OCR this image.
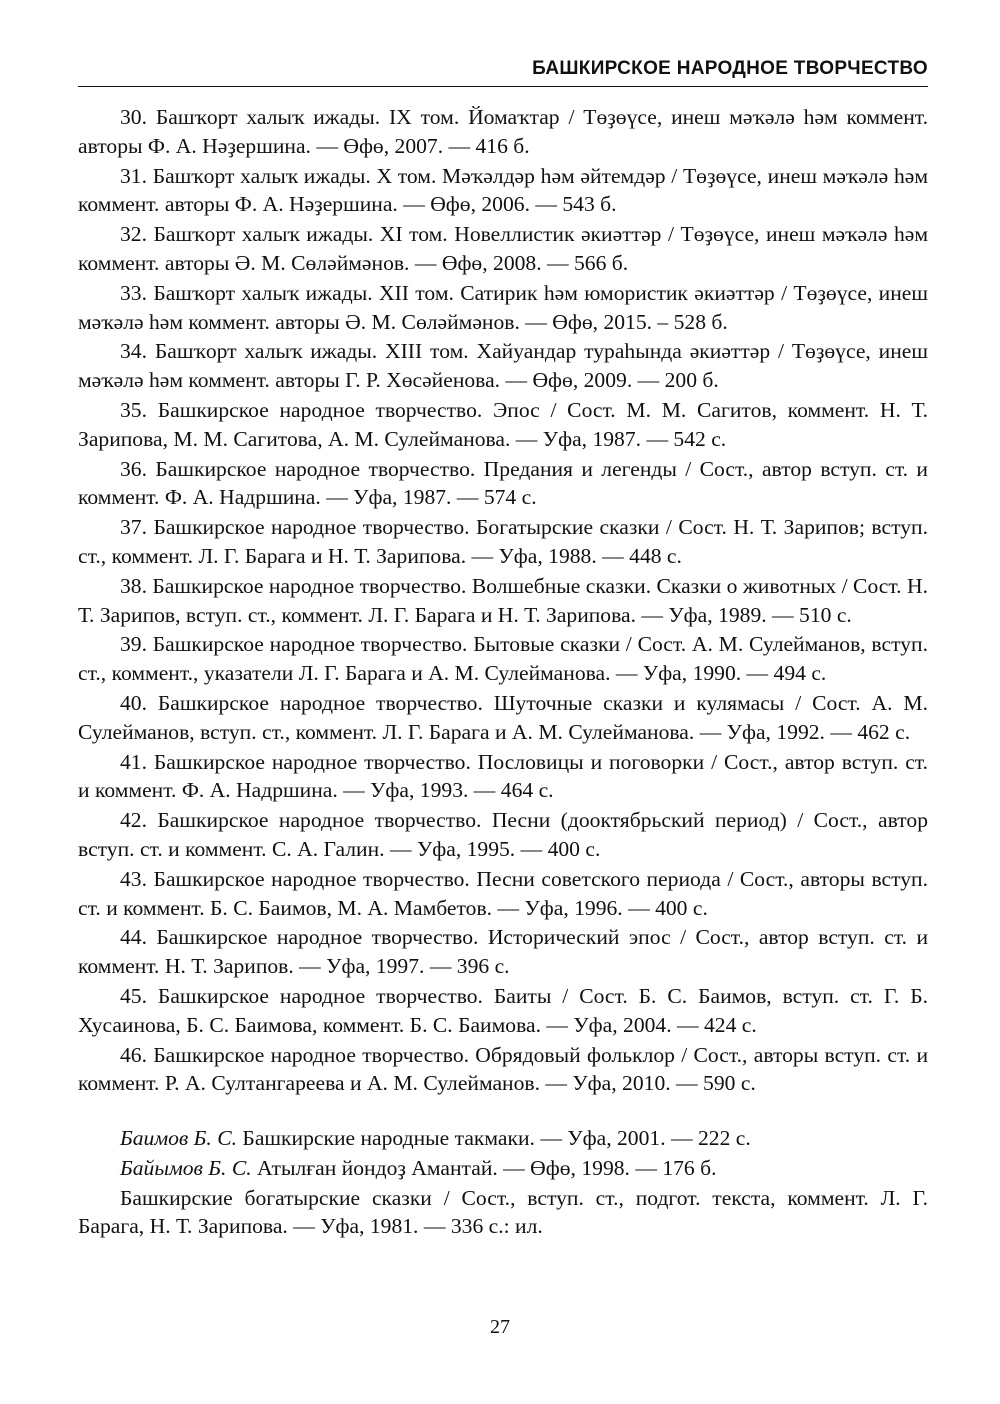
БАШКИРСКОЕ НАРОДНОЕ ТВОРЧЕСТВО

30. Башҡорт халыҡ ижады. IX том. Йомаҡтар / Төҙөүсе, инеш мәҡәлә һәм коммент. авторы Ф. А. Нәҙершина. — Өфө, 2007. — 416 б.

31. Башҡорт халыҡ ижады. X том. Мәҡәлдәр һәм әйтемдәр / Төҙөүсе, инеш мәҡәлә һәм коммент. авторы Ф. А. Нәҙершина. — Өфө, 2006. — 543 б.

32. Башҡорт халыҡ ижады. XI том. Новеллистик әкиәттәр / Төҙөүсе, инеш мәҡәлә һәм коммент. авторы Ә. М. Сөләймәнов. — Өфө, 2008. — 566 б.

33. Башҡорт халыҡ ижады. XII том. Сатирик һәм юмористик әкиәттәр / Төҙөүсе, инеш мәҡәлә һәм коммент. авторы Ә. М. Сөләймәнов. — Өфө, 2015. – 528 б.

34. Башҡорт халыҡ ижады. XIII том. Хайуандар тураһында әкиәттәр / Төҙөүсе, инеш мәҡәлә һәм коммент. авторы Г. Р. Хөсәйенова. — Өфө, 2009. — 200 б.

35. Башкирское народное творчество. Эпос / Сост. М. М. Сагитов, коммент. Н. Т. Зарипова, М. М. Сагитова, А. М. Сулейманова. — Уфа, 1987. — 542 с.

36. Башкирское народное творчество. Предания и легенды / Сост., автор вступ. ст. и коммент. Ф. А. Надршина. — Уфа, 1987. — 574 с.

37. Башкирское народное творчество. Богатырские сказки / Сост. Н. Т. Зарипов; вступ. ст., коммент. Л. Г. Барага и Н. Т. Зарипова. — Уфа, 1988. — 448 с.

38. Башкирское народное творчество. Волшебные сказки. Сказки о животных / Сост. Н. Т. Зарипов, вступ. ст., коммент. Л. Г. Барага и Н. Т. Зарипова. — Уфа, 1989. — 510 с.

39. Башкирское народное творчество. Бытовые сказки / Сост. А. М. Сулейманов, вступ. ст., коммент., указатели Л. Г. Барага и А. М. Сулейманова. — Уфа, 1990. — 494 с.

40. Башкирское народное творчество. Шуточные сказки и кулямасы / Сост. А. М. Сулейманов, вступ. ст., коммент. Л. Г. Барага и А. М. Сулейманова. — Уфа, 1992. — 462 с.

41. Башкирское народное творчество. Пословицы и поговорки / Сост., автор вступ. ст. и коммент. Ф. А. Надршина. — Уфа, 1993. — 464 с.

42. Башкирское народное творчество. Песни (дооктябрьский период) / Сост., автор вступ. ст. и коммент. С. А. Галин. — Уфа, 1995. — 400 с.

43. Башкирское народное творчество. Песни советского периода / Сост., авторы вступ. ст. и коммент. Б. С. Баимов, М. А. Мамбетов. — Уфа, 1996. — 400 с.

44. Башкирское народное творчество. Исторический эпос / Сост., автор вступ. ст. и коммент. Н. Т. Зарипов. — Уфа, 1997. — 396 с.

45. Башкирское народное творчество. Баиты / Сост. Б. С. Баимов, вступ. ст. Г. Б. Хусаинова, Б. С. Баимова, коммент. Б. С. Баимова. — Уфа, 2004. — 424 с.

46. Башкирское народное творчество. Обрядовый фольклор / Сост., авторы вступ. ст. и коммент. Р. А. Султангареева и А. М. Сулейманов. — Уфа, 2010. — 590 с.

Баимов Б. С. Башкирские народные такмаки. — Уфа, 2001. — 222 с.

Байымов Б. С. Атылған йондоҙ Амантай. — Өфө, 1998. — 176 б.

Башкирские богатырские сказки / Сост., вступ. ст., подгот. текста, коммент. Л. Г. Барага, Н. Т. Зарипова. — Уфа, 1981. — 336 с.: ил.

27
